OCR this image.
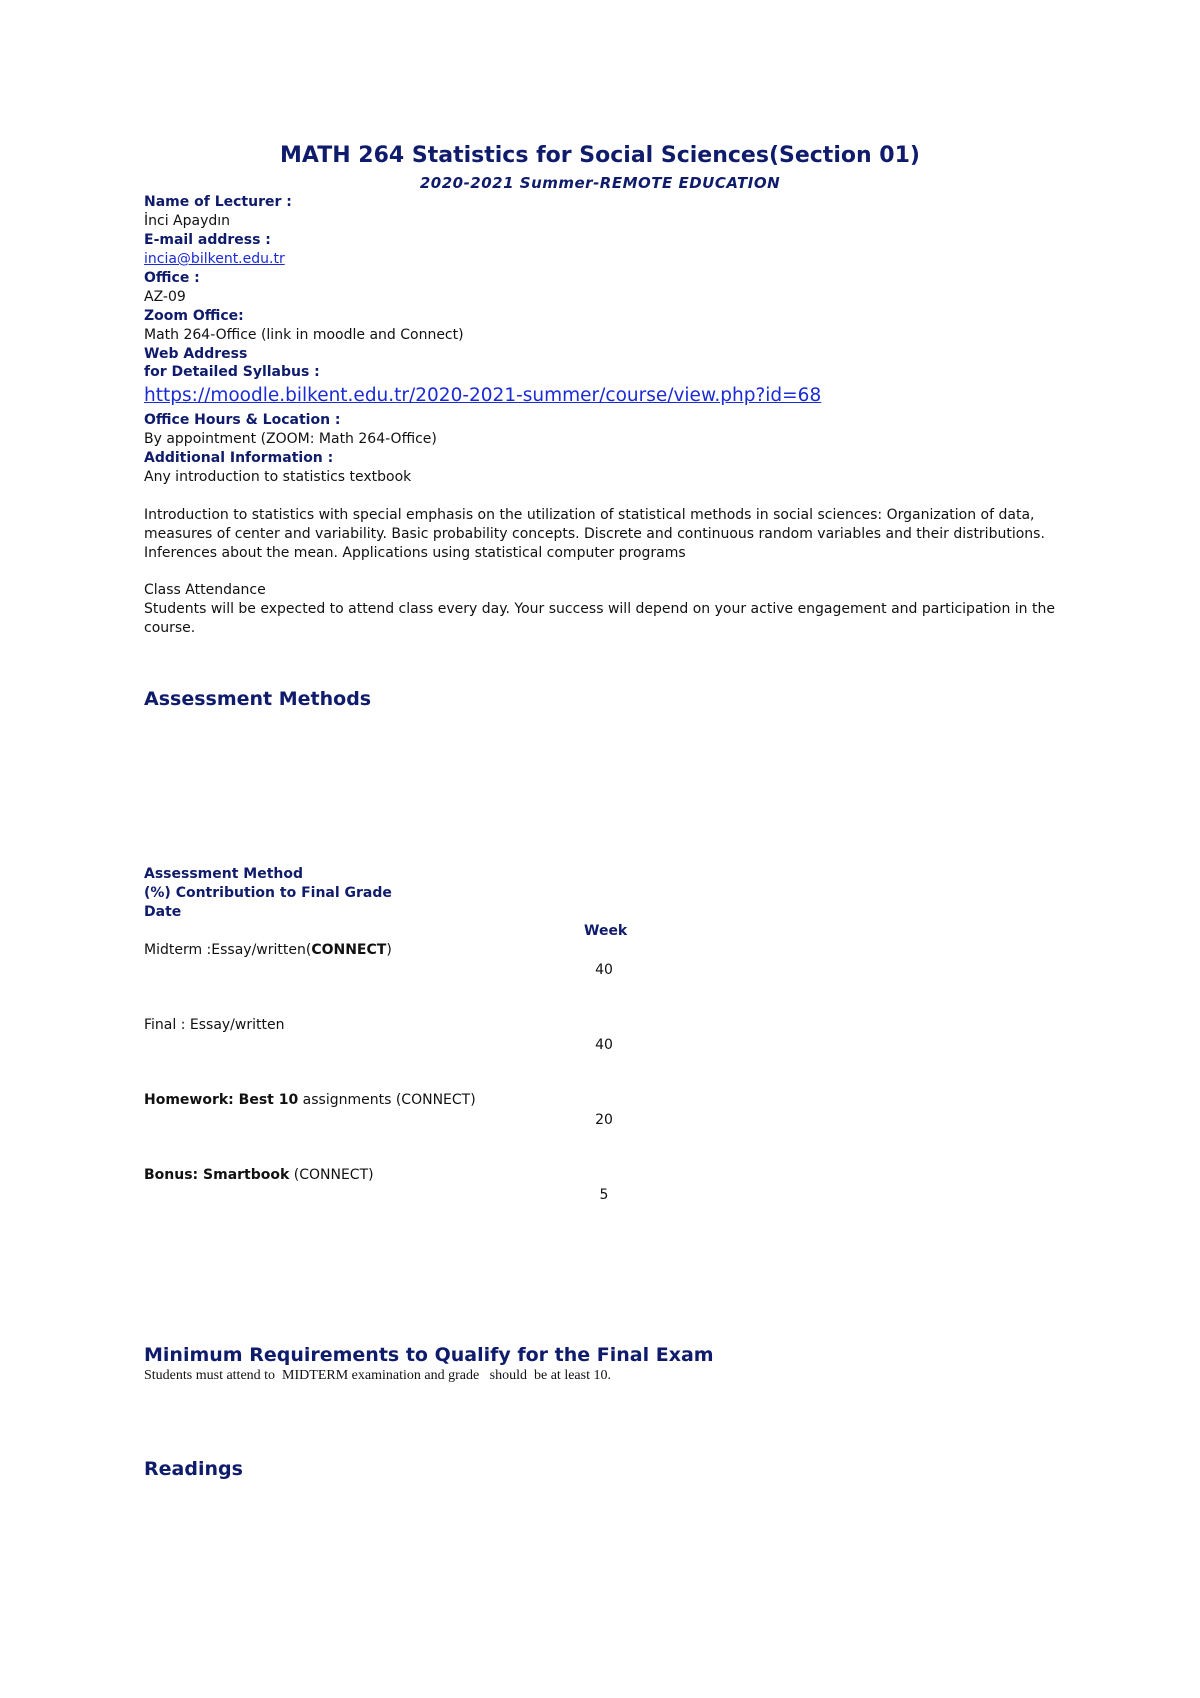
MATH 264 Statistics for Social Sciences(Section 01)
2020-2021 Summer-REMOTE EDUCATION
Name of Lecturer :
İnci Apaydın
E-mail address :
incia@bilkent.edu.tr
Office :
AZ-09
Zoom Office:
Math 264-Office (link in moodle and Connect)
Web Address
for Detailed Syllabus :
https://moodle.bilkent.edu.tr/2020-2021-summer/course/view.php?id=68
Office Hours & Location :
By appointment (ZOOM: Math 264-Office)
Additional Information :
Any introduction to statistics textbook
Introduction to statistics with special emphasis on the utilization of statistical methods in social sciences: Organization of data, measures of center and variability. Basic probability concepts. Discrete and continuous random variables and their distributions. Inferences about the mean. Applications using statistical computer programs
Class Attendance
Students will be expected to attend class every day. Your success will depend on your active engagement and participation in the course.
Assessment Methods
Assessment Method
(%) Contribution to Final Grade
Date
Week
Midterm :Essay/written(CONNECT)
40
Final : Essay/written
40
Homework: Best 10 assignments (CONNECT)
20
Bonus: Smartbook (CONNECT)
5
Minimum Requirements to Qualify for the Final Exam
Students must attend to  MIDTERM examination and grade   should  be at least 10.
Readings
